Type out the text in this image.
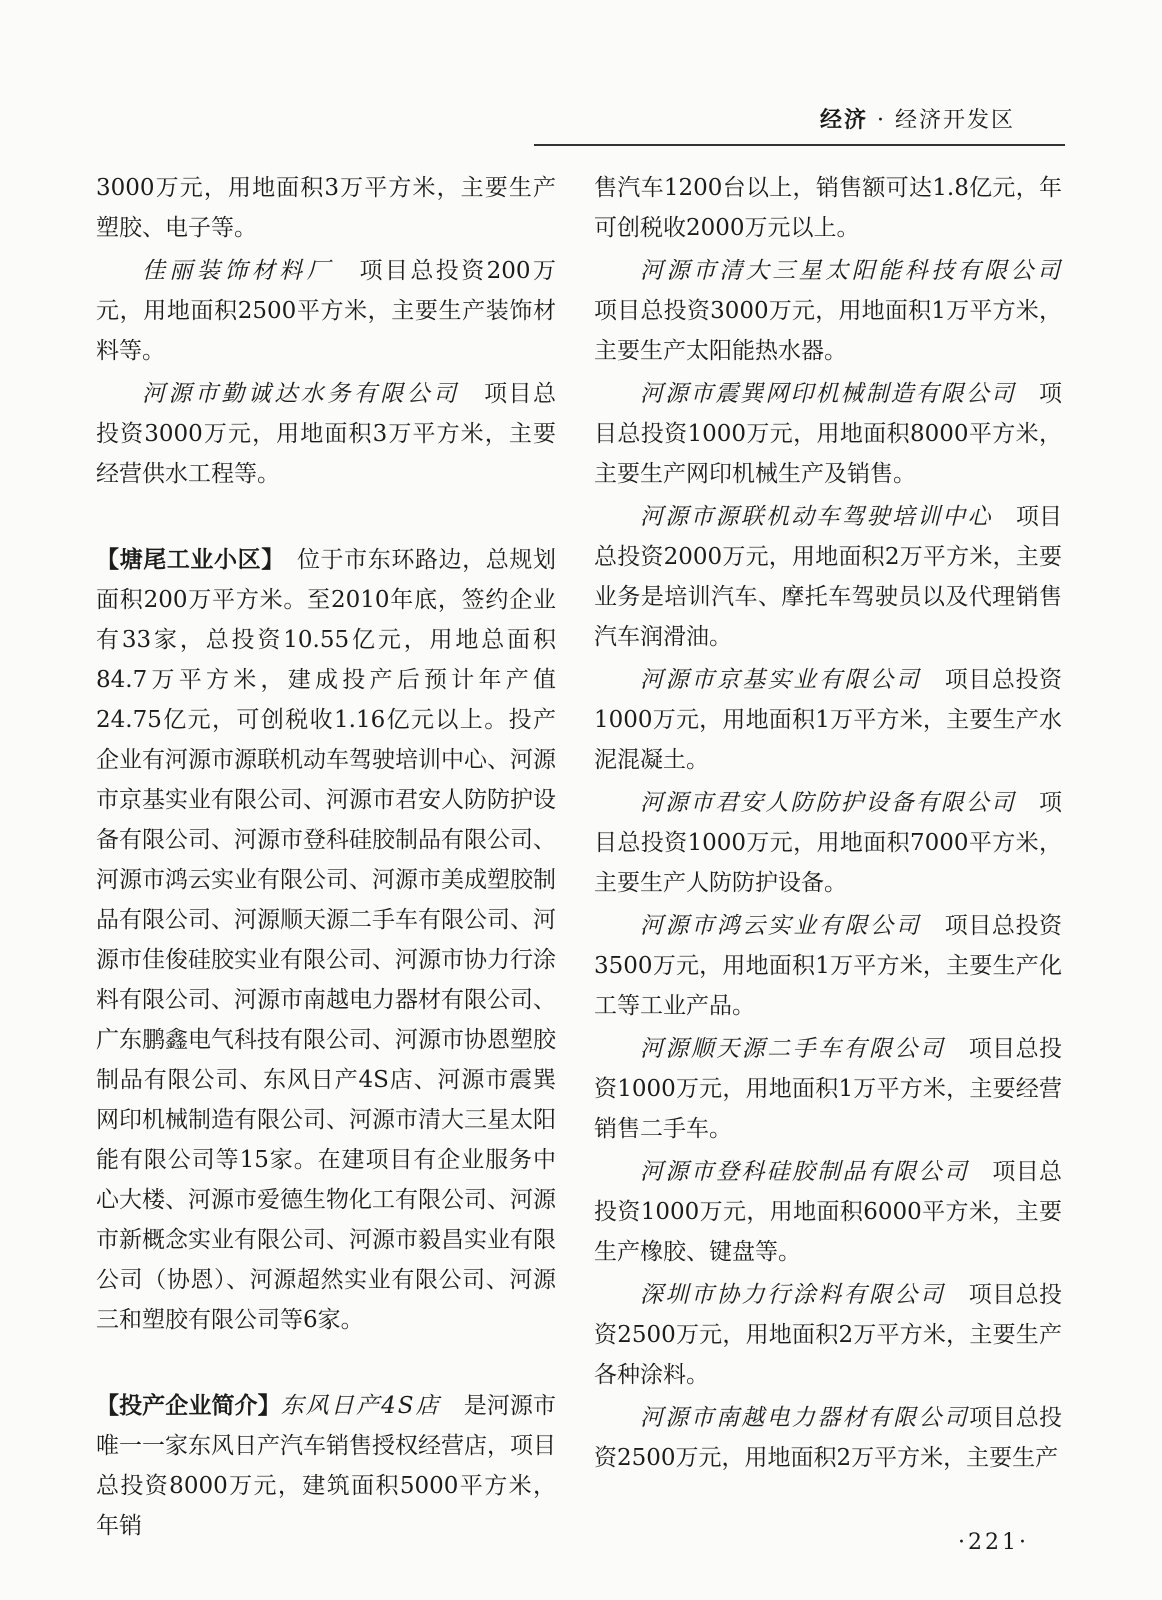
经济 · 经济开发区

3000万元，用地面积3万平方米，主要生产塑胶、电子等。

佳丽装饰材料厂　项目总投资200万元，用地面积2500平方米，主要生产装饰材料等。

河源市勤诚达水务有限公司　项目总投资3000万元，用地面积3万平方米，主要经营供水工程等。

【塘尾工业小区】　位于市东环路边，总规划面积200万平方米。至2010年底，签约企业有33家，总投资10.55亿元，用地总面积84.7万平方米，建成投产后预计年产值24.75亿元，可创税收1.16亿元以上。投产企业有河源市源联机动车驾驶培训中心、河源市京基实业有限公司、河源市君安人防防护设备有限公司、河源市登科硅胶制品有限公司、河源市鸿云实业有限公司、河源市美成塑胶制品有限公司、河源顺天源二手车有限公司、河源市佳俊硅胶实业有限公司、河源市协力行涂料有限公司、河源市南越电力器材有限公司、广东鹏鑫电气科技有限公司、河源市协恩塑胶制品有限公司、东风日产4S店、河源市震巽网印机械制造有限公司、河源市清大三星太阳能有限公司等15家。在建项目有企业服务中心大楼、河源市爱德生物化工有限公司、河源市新概念实业有限公司、河源市毅昌实业有限公司（协恩）、河源超然实业有限公司、河源三和塑胶有限公司等6家。

【投产企业简介】东风日产4S店　是河源市唯一一家东风日产汽车销售授权经营店，项目总投资8000万元，建筑面积5000平方米，年销

售汽车1200台以上，销售额可达1.8亿元，年可创税收2000万元以上。

河源市清大三星太阳能科技有限公司项目总投资3000万元，用地面积1万平方米，主要生产太阳能热水器。

河源市震巽网印机械制造有限公司　项目总投资1000万元，用地面积8000平方米，主要生产网印机械生产及销售。

河源市源联机动车驾驶培训中心　项目总投资2000万元，用地面积2万平方米，主要业务是培训汽车、摩托车驾驶员以及代理销售汽车润滑油。

河源市京基实业有限公司　项目总投资1000万元，用地面积1万平方米，主要生产水泥混凝土。

河源市君安人防防护设备有限公司　项目总投资1000万元，用地面积7000平方米，主要生产人防防护设备。

河源市鸿云实业有限公司　项目总投资3500万元，用地面积1万平方米，主要生产化工等工业产品。

河源顺天源二手车有限公司　项目总投资1000万元，用地面积1万平方米，主要经营销售二手车。

河源市登科硅胶制品有限公司　项目总投资1000万元，用地面积6000平方米，主要生产橡胶、键盘等。

深圳市协力行涂料有限公司　项目总投资2500万元，用地面积2万平方米，主要生产各种涂料。

河源市南越电力器材有限公司项目总投资2500万元，用地面积2万平方米，主要生产

·221·
